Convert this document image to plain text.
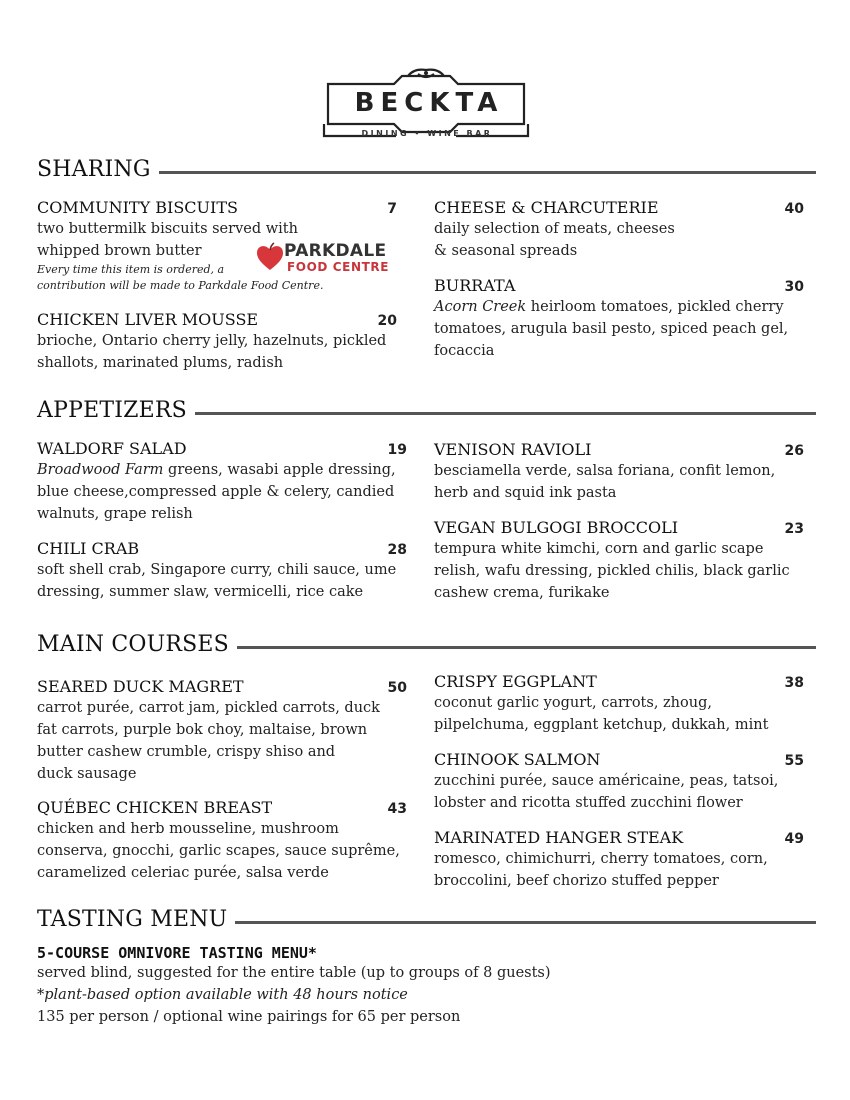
BECKTA
DINING • WINE BAR
SHARING
COMMUNITY BISCUITS	7
two buttermilk biscuits served with
whipped brown butter
Every time this item is ordered, a
contribution will be made to Parkdale Food Centre.
PARKDALE
FOOD CENTRE
CHICKEN LIVER MOUSSE	20
brioche, Ontario cherry jelly, hazelnuts, pickled shallots, marinated plums, radish
CHEESE & CHARCUTERIE	40
daily selection of meats, cheeses & seasonal spreads
BURRATA	30
Acorn Creek heirloom tomatoes, pickled cherry tomatoes, arugula basil pesto, spiced peach gel, focaccia
APPETIZERS
WALDORF SALAD	19
Broadwood Farm greens, wasabi apple dressing, blue cheese,compressed apple & celery, candied walnuts, grape relish
CHILI CRAB	28
soft shell crab, Singapore curry, chili sauce, ume dressing, summer slaw, vermicelli, rice cake
VENISON RAVIOLI	26
besciamella verde, salsa foriana, confit lemon, herb and squid ink pasta
VEGAN BULGOGI BROCCOLI	23
tempura white kimchi, corn and garlic scape relish, wafu dressing, pickled chilis, black garlic cashew crema, furikake
MAIN COURSES
SEARED DUCK MAGRET	50
carrot purée, carrot jam, pickled carrots, duck
fat carrots, purple bok choy, maltaise, brown
butter cashew crumble, crispy shiso and
duck sausage
QUÉBEC CHICKEN BREAST	43
chicken and herb mousseline, mushroom conserva, gnocchi, garlic scapes, sauce suprême, caramelized celeriac purée, salsa verde
CRISPY EGGPLANT	38
coconut garlic yogurt, carrots, zhoug, pilpelchuma, eggplant ketchup, dukkah, mint
CHINOOK SALMON	55
zucchini purée, sauce américaine, peas, tatsoi, lobster and ricotta stuffed zucchini flower
MARINATED HANGER STEAK	49
romesco, chimichurri, cherry tomatoes, corn, broccolini, beef chorizo stuffed pepper
TASTING MENU
5-COURSE OMNIVORE TASTING MENU*
served blind, suggested for the entire table (up to groups of 8 guests)
*plant-based option available with 48 hours notice
135 per person / optional wine pairings for 65 per person
